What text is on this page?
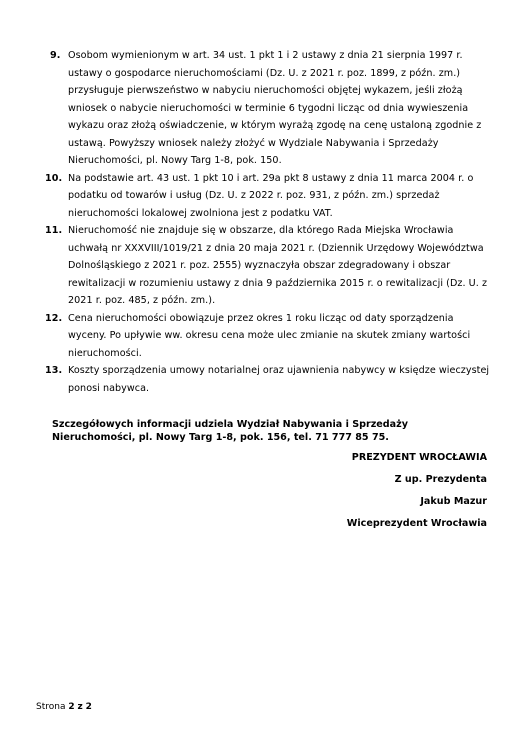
9. Osobom wymienionym w art. 34 ust. 1 pkt 1 i 2 ustawy z dnia 21 sierpnia 1997 r. ustawy o gospodarce nieruchomościami (Dz. U. z 2021 r. poz. 1899, z późn. zm.) przysługuje pierwszeństwo w nabyciu nieruchomości objętej wykazem, jeśli złożą wniosek o nabycie nieruchomości w terminie 6 tygodni licząc od dnia wywieszenia wykazu oraz złożą oświadczenie, w którym wyrażą zgodę na cenę ustaloną zgodnie z ustawą. Powyższy wniosek należy złożyć w Wydziale Nabywania i Sprzedaży Nieruchomości, pl. Nowy Targ 1-8, pok. 150.
10. Na podstawie art. 43 ust. 1 pkt 10 i art. 29a pkt 8 ustawy z dnia 11 marca 2004 r. o podatku od towarów i usług (Dz. U. z 2022 r. poz. 931, z późn. zm.) sprzedaż nieruchomości lokalowej zwolniona jest z podatku VAT.
11. Nieruchomość nie znajduje się w obszarze, dla którego Rada Miejska Wrocławia uchwałą nr XXXVIII/1019/21 z dnia 20 maja 2021 r. (Dziennik Urzędowy Województwa Dolnośląskiego z 2021 r. poz. 2555) wyznaczyła obszar zdegradowany i obszar rewitalizacji w rozumieniu ustawy z dnia 9 października 2015 r. o rewitalizacji (Dz. U. z 2021 r. poz. 485, z późn. zm.).
12. Cena nieruchomości obowiązuje przez okres 1 roku licząc od daty sporządzenia wyceny. Po upływie ww. okresu cena może ulec zmianie na skutek zmiany wartości nieruchomości.
13. Koszty sporządzenia umowy notarialnej oraz ujawnienia nabywcy w księdze wieczystej ponosi nabywca.
Szczegółowych informacji udziela Wydział Nabywania i Sprzedaży
Nieruchomości, pl. Nowy Targ 1-8, pok. 156, tel. 71 777 85 75.
PREZYDENT WROCŁAWIA
Z up. Prezydenta
Jakub Mazur
Wiceprezydent Wrocławia
Strona 2 z 2
